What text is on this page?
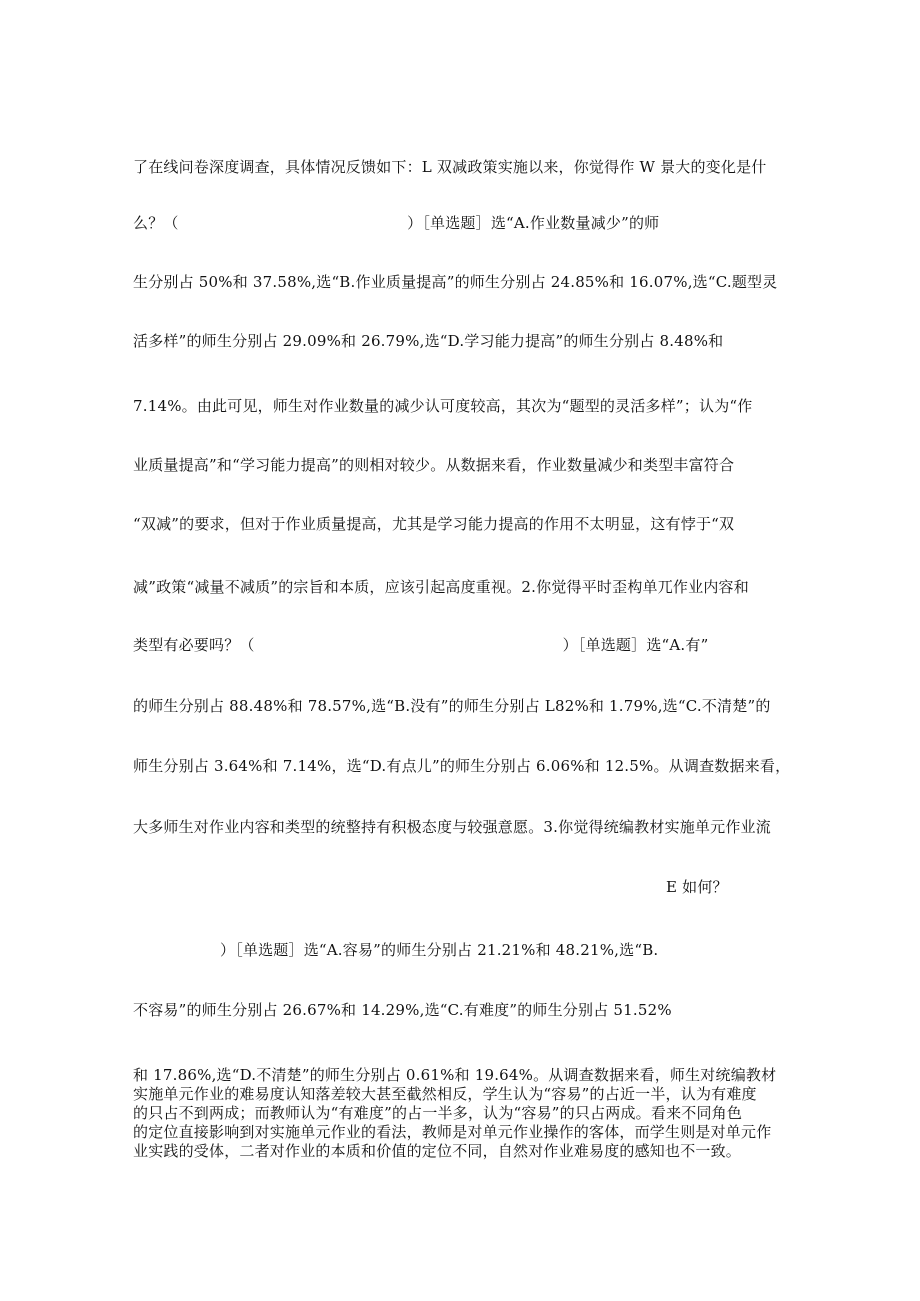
了在线问卷深度调查，具体情况反馈如下：L 双减政策实施以来，你觉得作 W 景大的变化是什
么？（                                              ）［单选题］选“A.作业数量减少”的师
生分别占 50%和 37.58%,选“B.作业质量提高”的师生分别占 24.85%和 16.07%,选“C.题型灵
活多样”的师生分别占 29.09%和 26.79%,选“D.学习能力提高”的师生分别占 8.48%和
7.14%。由此可见，师生对作业数量的减少认可度较高，其次为“题型的灵活多样”；认为“作
业质量提高”和“学习能力提高”的则相对较少。从数据来看，作业数量减少和类型丰富符合
“双减”的要求，但对于作业质量提高，尤其是学习能力提高的作用不太明显，这有悖于“双
减”政策“减量不减质”的宗旨和本质，应该引起高度重视。2.你觉得平时歪构单兀作业内容和
类型有必要吗？（                                                              ）［单选题］选“A.有”
的师生分别占 88.48%和 78.57%,选“B.没有”的师生分别占 L82%和 1.79%,选“C.不清楚”的
师生分别占 3.64%和 7.14%，选“D.有点儿”的师生分别占 6.06%和 12.5%。从调查数据来看，
大多师生对作业内容和类型的统整持有积极态度与较强意愿。3.你觉得统编教材实施单元作业流
E 如何？
）［单选题］选“A.容易”的师生分别占 21.21%和 48.21%,选“B.
不容易”的师生分别占 26.67%和 14.29%,选“C.有难度”的师生分别占 51.52%

和 17.86%,选“D.不清楚”的师生分别占 0.61%和 19.64%。从调查数据来看，师生对统编教材

实施单元作业的难易度认知落差较大甚至截然相反，学生认为“容易”的占近一半，认为有难度

的只占不到两成；而教师认为“有难度”的占一半多，认为“容易”的只占两成。看来不同角色

的定位直接影响到对实施单元作业的看法，教师是对单元作业操作的客体，而学生则是对单元作

业实践的受体，二者对作业的本质和价值的定位不同，自然对作业难易度的感知也不一致。
